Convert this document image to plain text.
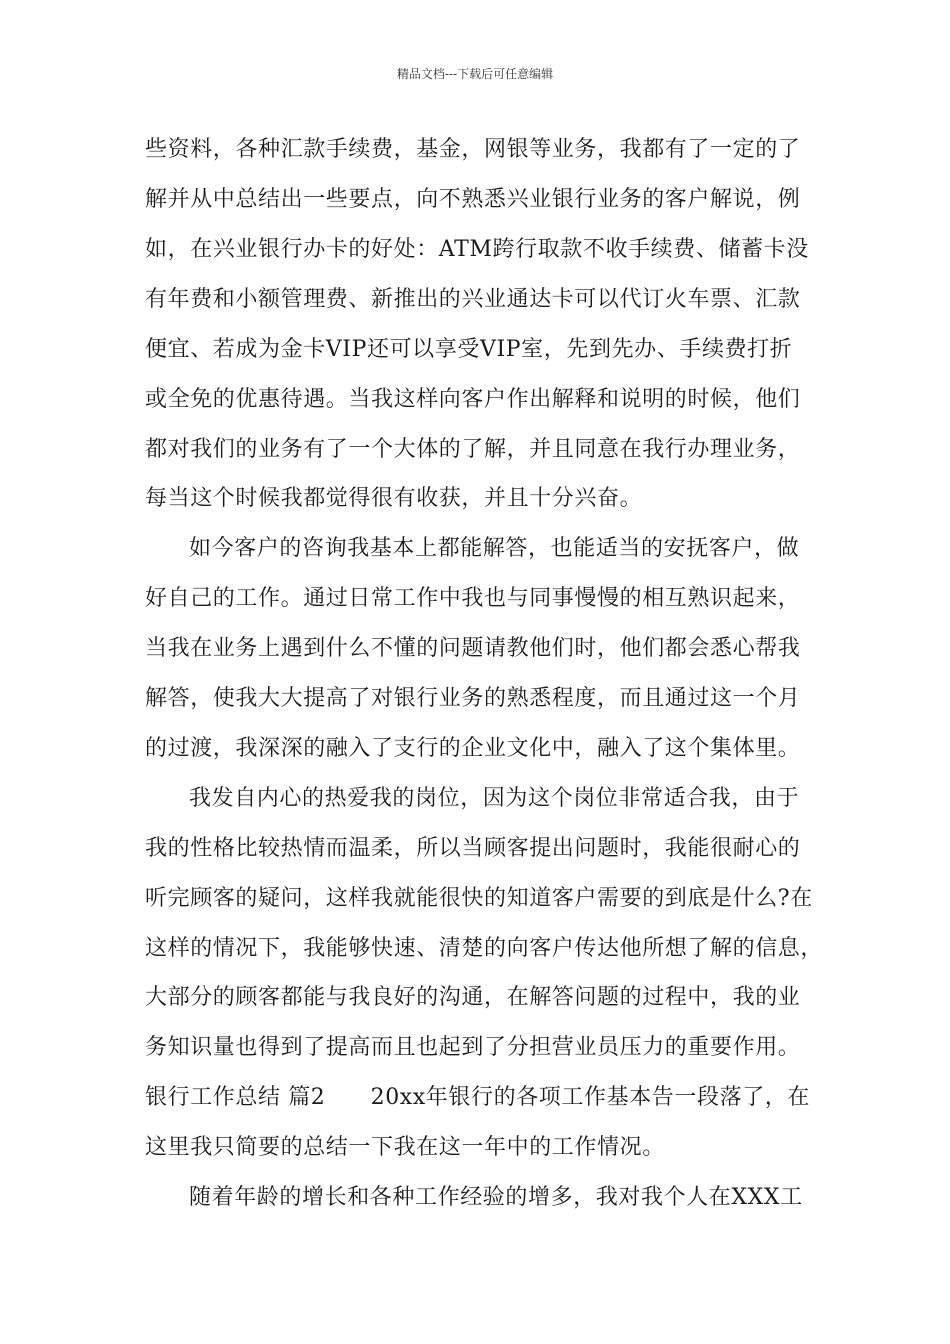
精品文档---下载后可任意编辑
些资料，各种汇款手续费，基金，网银等业务，我都有了一定的了
解并从中总结出一些要点，向不熟悉兴业银行业务的客户解说，例
如，在兴业银行办卡的好处：ATM跨行取款不收手续费、储蓄卡没
有年费和小额管理费、新推出的兴业通达卡可以代订火车票、汇款
便宜、若成为金卡VIP还可以享受VIP室，先到先办、手续费打折
或全免的优惠待遇。当我这样向客户作出解释和说明的时候，他们
都对我们的业务有了一个大体的了解，并且同意在我行办理业务，
每当这个时候我都觉得很有收获，并且十分兴奋。
如今客户的咨询我基本上都能解答，也能适当的安抚客户，做
好自己的工作。通过日常工作中我也与同事慢慢的相互熟识起来，
当我在业务上遇到什么不懂的问题请教他们时，他们都会悉心帮我
解答，使我大大提高了对银行业务的熟悉程度，而且通过这一个月
的过渡，我深深的融入了支行的企业文化中，融入了这个集体里。
我发自内心的热爱我的岗位，因为这个岗位非常适合我，由于
我的性格比较热情而温柔，所以当顾客提出问题时，我能很耐心的
听完顾客的疑问，这样我就能很快的知道客户需要的到底是什么?在
这样的情况下，我能够快速、清楚的向客户传达他所想了解的信息，
大部分的顾客都能与我良好的沟通，在解答问题的过程中，我的业
务知识量也得到了提高而且也起到了分担营业员压力的重要作用。
银行工作总结 篇2　　20xx年银行的各项工作基本告一段落了，在
这里我只简要的总结一下我在这一年中的工作情况。
随着年龄的增长和各种工作经验的增多，我对我个人在XXX工
